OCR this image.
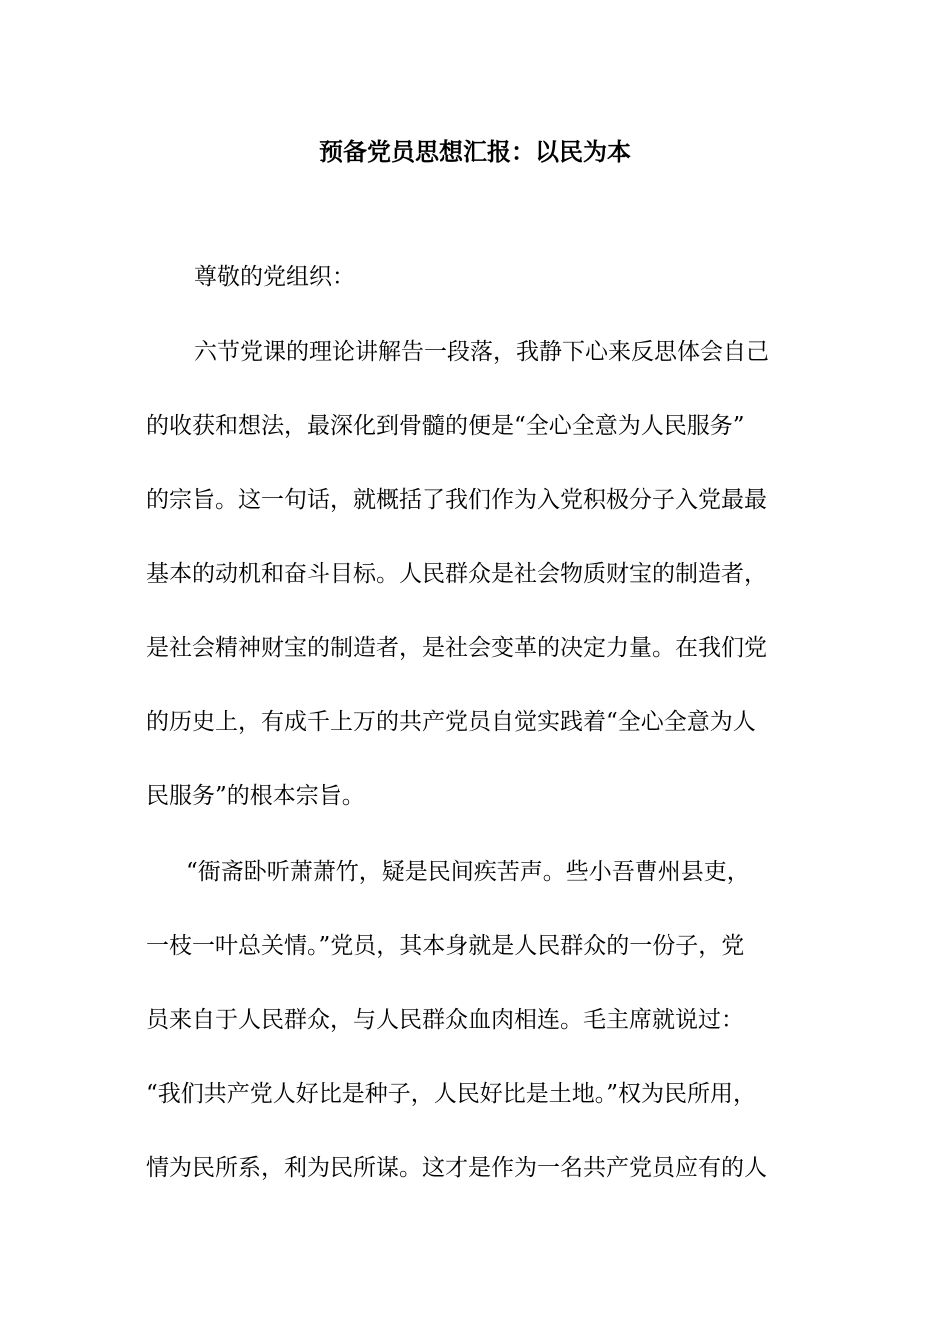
预备党员思想汇报：以民为本
尊敬的党组织：
六节党课的理论讲解告一段落，我静下心来反思体会自己
的收获和想法，最深化到骨髓的便是“全心全意为人民服务”
的宗旨。这一句话，就概括了我们作为入党积极分子入党最最
基本的动机和奋斗目标。人民群众是社会物质财宝的制造者，
是社会精神财宝的制造者，是社会变革的决定力量。在我们党
的历史上，有成千上万的共产党员自觉实践着“全心全意为人
民服务”的根本宗旨。
“衙斋卧听萧萧竹，疑是民间疾苦声。些小吾曹州县吏，
一枝一叶总关情。”党员，其本身就是人民群众的一份子，党
员来自于人民群众，与人民群众血肉相连。毛主席就说过：
“我们共产党人好比是种子，人民好比是土地。”权为民所用，
情为民所系，利为民所谋。这才是作为一名共产党员应有的人
